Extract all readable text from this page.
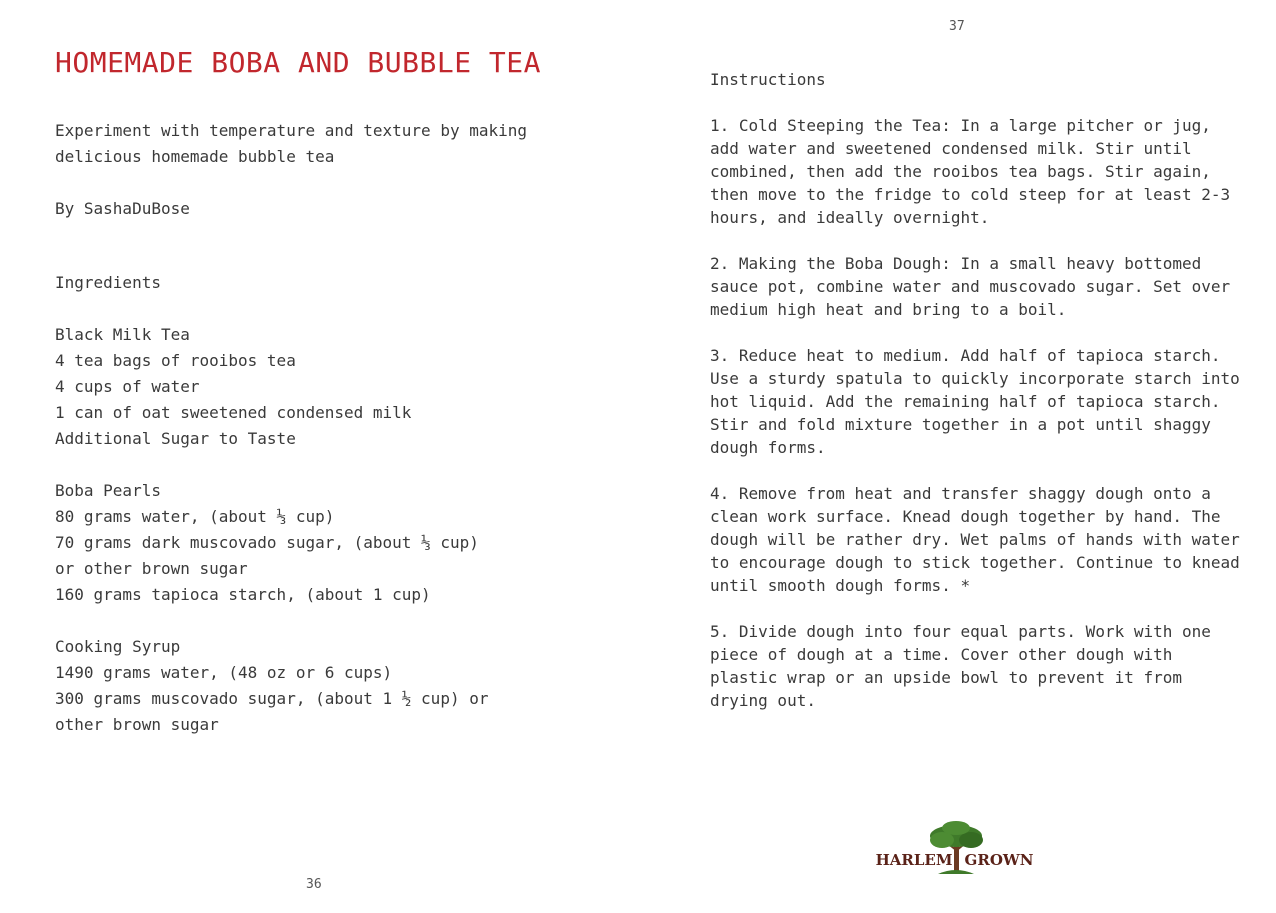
HOMEMADE BOBA AND BUBBLE TEA

Experiment with temperature and texture by making delicious homemade bubble tea

By SashaDuBose

Ingredients

Black Milk Tea

4 tea bags of rooibos tea
4 cups of water
1 can of oat sweetened condensed milk
Additional Sugar to Taste

Boba Pearls

80 grams water, (about ⅓ cup)
70 grams dark muscovado sugar, (about ⅓ cup)
or other brown sugar
160 grams tapioca starch, (about 1 cup)

Cooking Syrup

1490 grams water, (48 oz or 6 cups)
300 grams muscovado sugar, (about 1 ½ cup) or
other brown sugar
36
37

Instructions

1. Cold Steeping the Tea: In a large pitcher or jug, add water and sweetened condensed milk. Stir until combined, then add the rooibos tea bags. Stir again, then move to the fridge to cold steep for at least 2-3 hours, and ideally overnight.

2. Making the Boba Dough: In a small heavy bottomed sauce pot, combine water and muscovado sugar. Set over medium high heat and bring to a boil.

3. Reduce heat to medium. Add half of tapioca starch. Use a sturdy spatula to quickly incorporate starch into hot liquid. Add the remaining half of tapioca starch. Stir and fold mixture together in a pot until shaggy dough forms.

4. Remove from heat and transfer shaggy dough onto a clean work surface. Knead dough together by hand. The dough will be rather dry. Wet palms of hands with water to encourage dough to stick together. Continue to knead until smooth dough forms. *

5. Divide dough into four equal parts. Work with one piece of dough at a time. Cover other dough with plastic wrap or an upside bowl to prevent it from drying out.

HARLEM GROWN
